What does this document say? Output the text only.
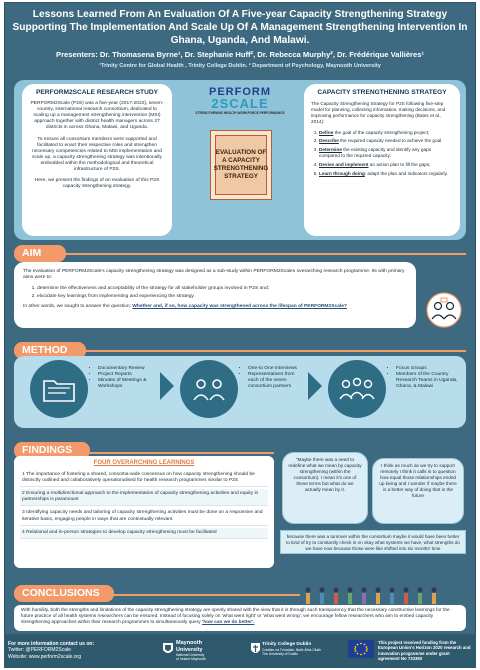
Lessons Learned From An Evaluation Of A Five-year Capacity Strengthening Strategy Supporting The Implementation And Scale Up Of A Management Strengthening Intervention In Ghana, Uganda, And Malawi.
Presenters: Dr. Thomasena Byrne¹, Dr. Stephanie Huff², Dr. Rebecca Murphy², Dr. Frédérique Vallières¹
¹Trinity Centre for Global Health , Trinity College Dublin. ² Department of Psychology, Maynooth University
PERFORM2SCALE RESEARCH STUDY

PERFORM2Scale (P2S) was a five-year (2017-2022), seven-country, international research consortium, dedicated to scaling up a management strengthening intervention (MSI) approach together with district health managers across 27 districts in across Ghana, Malawi, and Uganda.

To ensure all consortium members were supported and facilitated to enact their respective roles and strengthen necessary competencies related to MSI implementation and scale up, a capacity strengthening strategy was intentionally embedded within the methodological and theoretical infrastructure of P2S.

Here, we present the findings of an evaluation of this P2S capacity strengthening strategy.

PERFORM
2SCALE
STRENGTHENING HEALTH WORKFORCE PERFORMANCE
EVALUATION OF A CAPACITY STRENGTHENING STRATEGY
CAPACITY STRENGTHENING STRATEGY

The Capacity Strengthening Strategy for P2S following five-step model for planning, collecting information, making decisions, and improving performance for capacity strengthening (Bates et al., 2014):

1. Define the goal of the capacity strengthening project;
2. Describe the required capacity needed to achieve the goal
3. Determine the existing capacity and identify any gaps compared to the required capacity;
4. Devise and implement an action plan to fill the gaps;
5. Learn through doing: adapt the plan and indicators regularly.
AIM

The evaluation of PERFORM2Scale's capacity strengthening strategy was designed as a sub-study within PERFORM2Scales overarching research programme. Its with primary aims were to:

1. determine the effectiveness and acceptability of the strategy for all stakeholder groups involved in P2S and;
2. elucidate key learnings from implementing and experiencing the strategy.

In other words, we sought to answer the question: Whether and, if so, how capacity was strengthened across the lifespan of PERFORM2Scale?

METHOD
• Documentary Review
• Project Reports
• Minutes of Meetings & Workshops
• One-to One Interviews
• Representatives from each of the seven consortium partners
• Focus Groups
• Members of the Country Research Teams in Uganda, Ghana, & Malawi
FINDINGS
FOUR OVERARCHING LEARNINGS
1 The importance of fostering a shared, consortia-wide consensus on how capacity strengthening should be distinctly outlined and collaboratively operationalised for health research programmes similar to P2S
2 Ensuring a multidirectional approach to the implementation of capacity strengthening activities and equity in partnerships is paramount
3 Identifying capacity needs and tailoring of capacity strengthening activities must be done on a responsive and iterative basis, engaging people in ways that are contextually relevant
4 Relational and in-person strategies to develop capacity strengthening must be facilitated
"Maybe there was a need to redefine what we mean by capacity strengthening (within the consortium). I mean it's one of these terms but what do we actually mean by it.
I think as much as we try to support remotely I think it calls in to question how equal those relationships ended up being and I wonder if maybe there is a better way of doing that in the future
because there was a turnover within the consortium maybe it would have been better to kind of try to constantly check in on okay what systems we have, what strengths do we have now because those were like shifted into six months' time
CONCLUSIONS
With humility, both the strengths and limitations of the capacity strengthening strategy are openly shared with the view that it is through such transparency that the necessary constructive learnings for the future practice of all health systems researchers can be ensured. Instead of focusing solely on 'what went right' or 'what went wrong', we encourage fellow researchers who aim to embed capacity strengthening approaches within their research programmes to simultaneously query 'how can we do better'.
For more information contact us on:
Twitter: @PERFORM2Scale
Website: www.perform2scale.org
Maynooth
University
National University
of Ireland Maynooth
Trinity College Dublin
Coláiste na Tríonóide, Baile Átha Cliath
The University of Dublin
This project received funding from the European Union's Horizon 2020 research and innovation programme under grant agreement No 733360
